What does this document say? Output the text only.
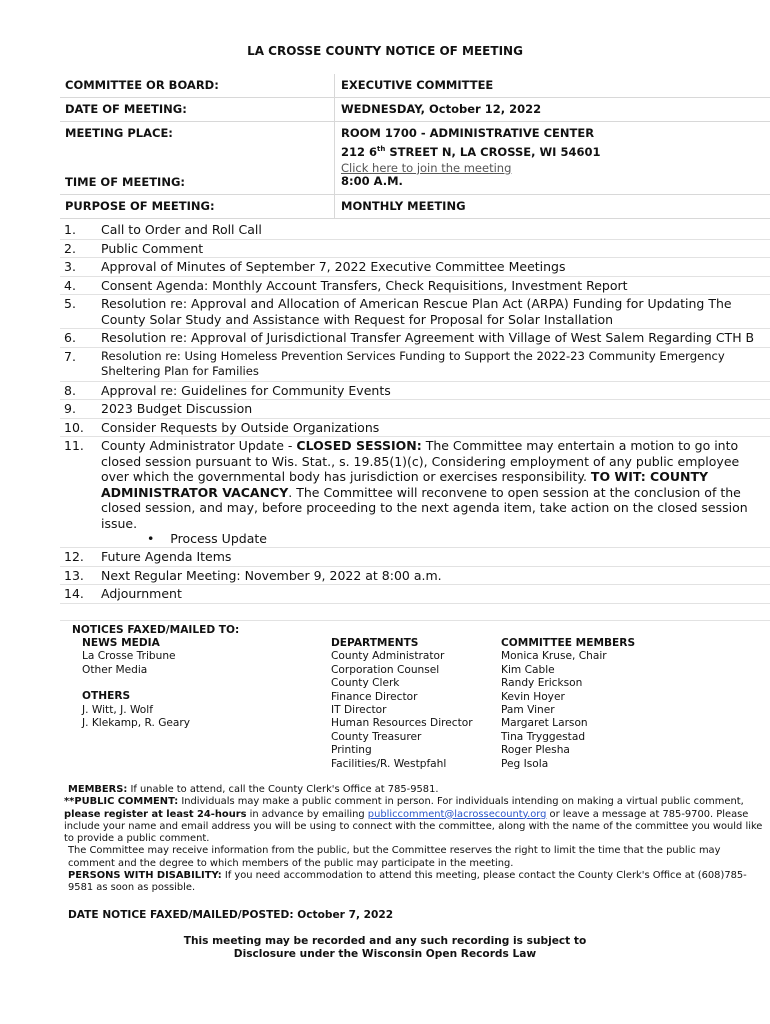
LA CROSSE COUNTY NOTICE OF MEETING
COMMITTEE OR BOARD:	EXECUTIVE COMMITTEE
DATE OF MEETING:	WEDNESDAY, October 12, 2022
MEETING PLACE:	ROOM 1700 - ADMINISTRATIVE CENTER
212 6th STREET N, LA CROSSE, WI 54601
Click here to join the meeting
TIME OF MEETING:	8:00 A.M.
PURPOSE OF MEETING:	MONTHLY MEETING
1. Call to Order and Roll Call
2. Public Comment
3. Approval of Minutes of September 7, 2022 Executive Committee Meetings
4. Consent Agenda: Monthly Account Transfers, Check Requisitions, Investment Report
5. Resolution re: Approval and Allocation of American Rescue Plan Act (ARPA) Funding for Updating The County Solar Study and Assistance with Request for Proposal for Solar Installation
6. Resolution re: Approval of Jurisdictional Transfer Agreement with Village of West Salem Regarding CTH B
7. Resolution re: Using Homeless Prevention Services Funding to Support the 2022-23 Community Emergency Sheltering Plan for Families
8. Approval re: Guidelines for Community Events
9. 2023 Budget Discussion
10. Consider Requests by Outside Organizations
11. County Administrator Update - CLOSED SESSION: The Committee may entertain a motion to go into closed session pursuant to Wis. Stat., s. 19.85(1)(c), Considering employment of any public employee over which the governmental body has jurisdiction or exercises responsibility. TO WIT: COUNTY ADMINISTRATOR VACANCY. The Committee will reconvene to open session at the conclusion of the closed session, and may, before proceeding to the next agenda item, take action on the closed session issue.
•    Process Update
12. Future Agenda Items
13. Next Regular Meeting: November 9, 2022 at 8:00 a.m.
14. Adjournment
NOTICES FAXED/MAILED TO:
NEWS MEDIA
La Crosse Tribune
Other Media
OTHERS
J. Witt, J. Wolf
J. Klekamp, R. Geary
DEPARTMENTS
County Administrator
Corporation Counsel
County Clerk
Finance Director
IT Director
Human Resources Director
County Treasurer
Printing
Facilities/R. Westpfahl
COMMITTEE MEMBERS
Monica Kruse, Chair
Kim Cable
Randy Erickson
Kevin Hoyer
Pam Viner
Margaret Larson
Tina Tryggestad
Roger Plesha
Peg Isola
MEMBERS: If unable to attend, call the County Clerk's Office at 785-9581.
**PUBLIC COMMENT: Individuals may make a public comment in person. For individuals intending on making a virtual public comment, please register at least 24-hours in advance by emailing publiccomment@lacrossecounty.org or leave a message at 785-9700. Please include your name and email address you will be using to connect with the committee, along with the name of the committee you would like to provide a public comment.
The Committee may receive information from the public, but the Committee reserves the right to limit the time that the public may comment and the degree to which members of the public may participate in the meeting.
PERSONS WITH DISABILITY: If you need accommodation to attend this meeting, please contact the County Clerk's Office at (608)785-9581 as soon as possible.
DATE NOTICE FAXED/MAILED/POSTED: October 7, 2022
This meeting may be recorded and any such recording is subject to
Disclosure under the Wisconsin Open Records Law
